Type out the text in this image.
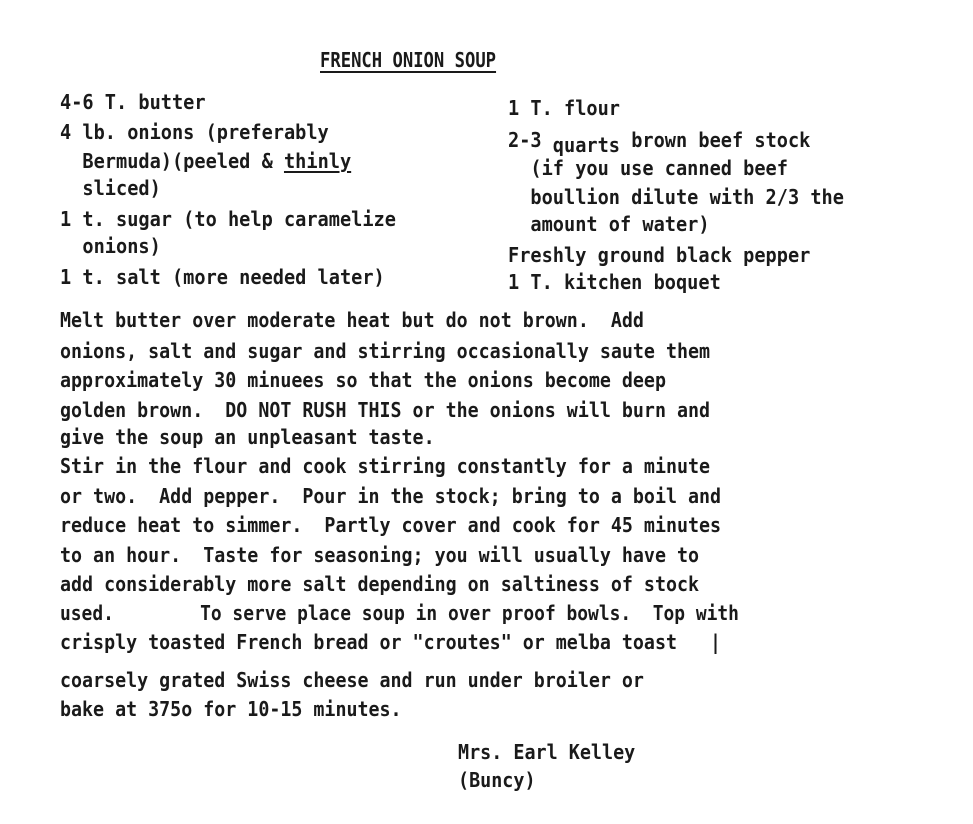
FRENCH ONION SOUP
4-6 T. butter
4 lb. onions (preferably
Bermuda)(peeled & thinly
sliced)
1 t. sugar (to help caramelize
onions)
1 t. salt (more needed later)
1 T. flour
2-3 quarts brown beef stock
(if you use canned beef
boullion dilute with 2/3 the
amount of water)
Freshly ground black pepper
1 T. kitchen boquet
Melt butter over moderate heat but do not brown.  Add
onions, salt and sugar and stirring occasionally saute them
approximately 30 minuees so that the onions become deep
golden brown.  DO NOT RUSH THIS or the onions will burn and
give the soup an unpleasant taste.
Stir in the flour and cook stirring constantly for a minute
or two.  Add pepper.  Pour in the stock; bring to a boil and
reduce heat to simmer.  Partly cover and cook for 45 minutes
to an hour.  Taste for seasoning; you will usually have to
add considerably more salt depending on saltiness of stock
used.        To serve place soup in over proof bowls.  Top with
crisply toasted French bread or "croutes" or melba toast   |
coarsely grated Swiss cheese and run under broiler or
bake at 375o for 10-15 minutes.
Mrs. Earl Kelley
(Buncy)
